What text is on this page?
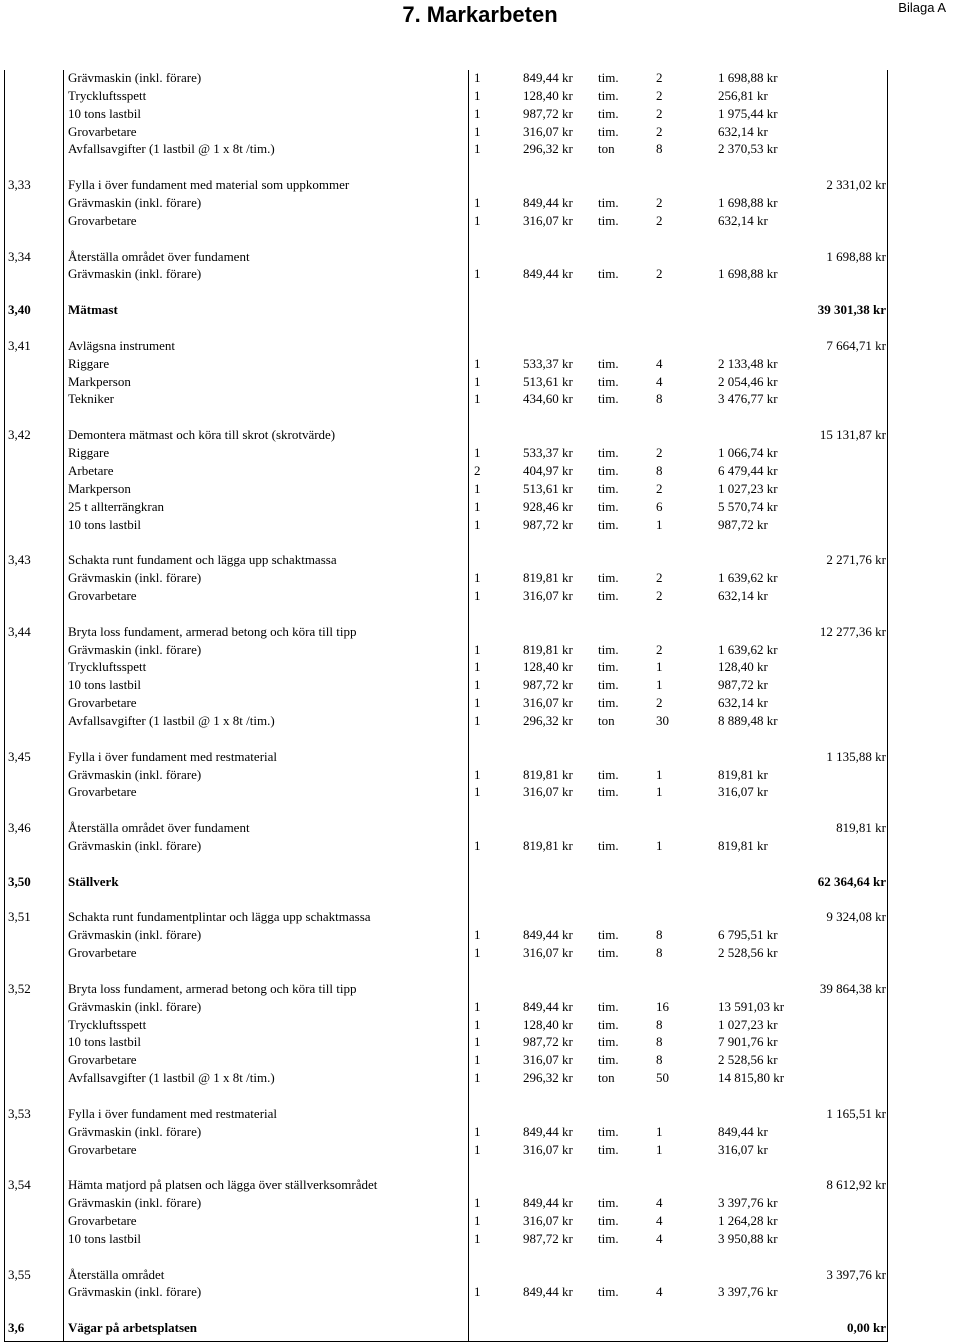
7. Markarbeten	Bilaga A
Grävmaskin (inkl. förare)	1	849,44 kr tim.	2	1 698,88 kr
Tryckluftsspett	1	128,40 kr tim.	2	256,81 kr
10 tons lastbil	1	987,72 kr tim.	2	1 975,44 kr
Grovarbetare	1	316,07 kr tim.	2	632,14 kr
Avfallsavgifter (1 lastbil @ 1 x 8t /tim.)	1	296,32 kr ton	8	2 370,53 kr
3,33	Fylla i över fundament med material som uppkommer	2 331,02 kr
Grävmaskin (inkl. förare)	1	849,44 kr tim.	2	1 698,88 kr
Grovarbetare	1	316,07 kr tim.	2	632,14 kr
3,34	Återställa området över fundament	1 698,88 kr
Grävmaskin (inkl. förare)	1	849,44 kr tim.	2	1 698,88 kr
3,40	Mätmast	39 301,38 kr
3,41	Avlägsna instrument	7 664,71 kr
Riggare	1	533,37 kr tim.	4	2 133,48 kr
Markperson	1	513,61 kr tim.	4	2 054,46 kr
Tekniker	1	434,60 kr tim.	8	3 476,77 kr
3,42	Demontera mätmast och köra till skrot (skrotvärde)	15 131,87 kr
Riggare	1	533,37 kr tim.	2	1 066,74 kr
Arbetare	2	404,97 kr tim.	8	6 479,44 kr
Markperson	1	513,61 kr tim.	2	1 027,23 kr
25 t allterrängkran	1	928,46 kr tim.	6	5 570,74 kr
10 tons lastbil	1	987,72 kr tim.	1	987,72 kr
3,43	Schakta runt fundament och lägga upp schaktmassa	2 271,76 kr
Grävmaskin (inkl. förare)	1	819,81 kr tim.	2	1 639,62 kr
Grovarbetare	1	316,07 kr tim.	2	632,14 kr
3,44	Bryta loss fundament, armerad betong och köra till tipp	12 277,36 kr
Grävmaskin (inkl. förare)	1	819,81 kr tim.	2	1 639,62 kr
Tryckluftsspett	1	128,40 kr tim.	1	128,40 kr
10 tons lastbil	1	987,72 kr tim.	1	987,72 kr
Grovarbetare	1	316,07 kr tim.	2	632,14 kr
Avfallsavgifter (1 lastbil @ 1 x 8t /tim.)	1	296,32 kr ton	30	8 889,48 kr
3,45	Fylla i över fundament med restmaterial	1 135,88 kr
Grävmaskin (inkl. förare)	1	819,81 kr tim.	1	819,81 kr
Grovarbetare	1	316,07 kr tim.	1	316,07 kr
3,46	Återställa området över fundament	819,81 kr
Grävmaskin (inkl. förare)	1	819,81 kr tim.	1	819,81 kr
3,50	Ställverk	62 364,64 kr
3,51	Schakta runt fundamentplintar och lägga upp schaktmassa	9 324,08 kr
Grävmaskin (inkl. förare)	1	849,44 kr tim.	8	6 795,51 kr
Grovarbetare	1	316,07 kr tim.	8	2 528,56 kr
3,52	Bryta loss fundament, armerad betong och köra till tipp	39 864,38 kr
Grävmaskin (inkl. förare)	1	849,44 kr tim.	16	13 591,03 kr
Tryckluftsspett	1	128,40 kr tim.	8	1 027,23 kr
10 tons lastbil	1	987,72 kr tim.	8	7 901,76 kr
Grovarbetare	1	316,07 kr tim.	8	2 528,56 kr
Avfallsavgifter (1 lastbil @ 1 x 8t /tim.)	1	296,32 kr ton	50	14 815,80 kr
3,53	Fylla i över fundament med restmaterial	1 165,51 kr
Grävmaskin (inkl. förare)	1	849,44 kr tim.	1	849,44 kr
Grovarbetare	1	316,07 kr tim.	1	316,07 kr
3,54	Hämta matjord på platsen och lägga över ställverksområdet	8 612,92 kr
Grävmaskin (inkl. förare)	1	849,44 kr tim.	4	3 397,76 kr
Grovarbetare	1	316,07 kr tim.	4	1 264,28 kr
10 tons lastbil	1	987,72 kr tim.	4	3 950,88 kr
3,55	Återställa området	3 397,76 kr
Grävmaskin (inkl. förare)	1	849,44 kr tim.	4	3 397,76 kr
3,6	Vägar på arbetsplatsen	0,00 kr
